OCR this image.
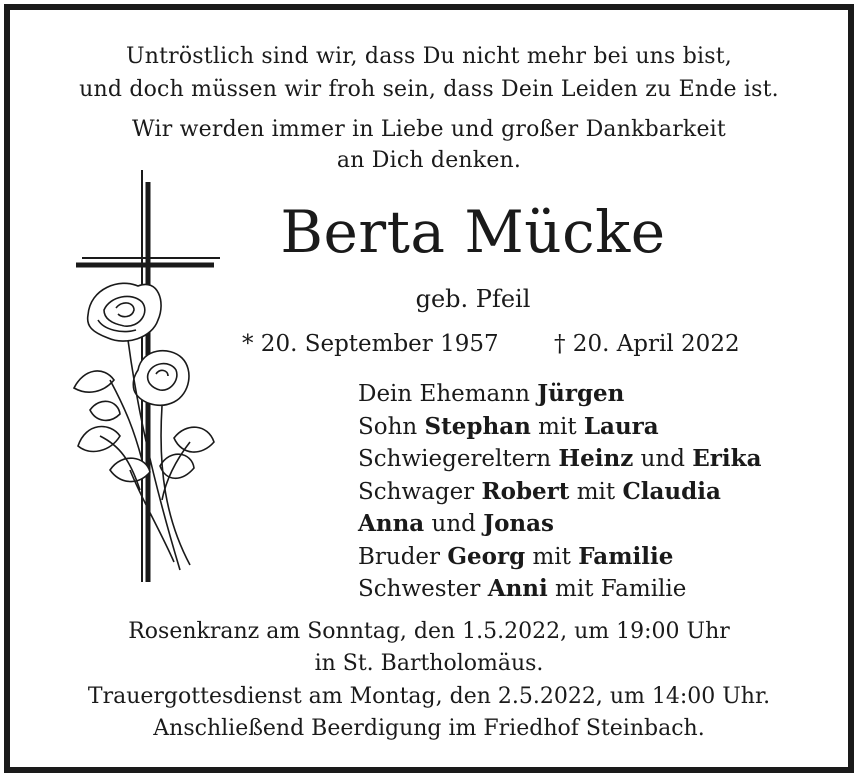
Untröstlich sind wir, dass Du nicht mehr bei uns bist,
und doch müssen wir froh sein, dass Dein Leiden zu Ende ist.
Wir werden immer in Liebe und großer Dankbarkeit
an Dich denken.
Berta Mücke
geb. Pfeil
* 20. September 1957 † 20. April 2022
Dein Ehemann Jürgen
Sohn Stephan mit Laura
Schwiegereltern Heinz und Erika
Schwager Robert mit Claudia
Anna und Jonas
Bruder Georg mit Familie
Schwester Anni mit Familie
Rosenkranz am Sonntag, den 1.5.2022, um 19:00 Uhr
in St. Bartholomäus.
Trauergottesdienst am Montag, den 2.5.2022, um 14:00 Uhr.
Anschließend Beerdigung im Friedhof Steinbach.
